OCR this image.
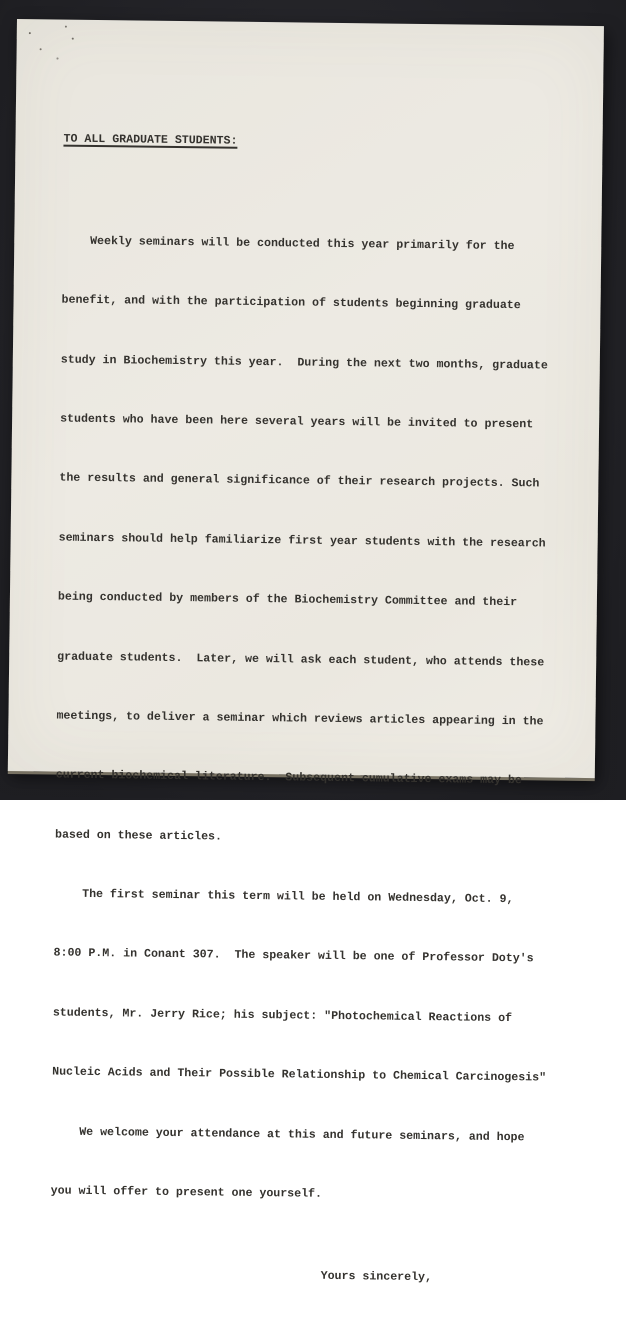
TO ALL GRADUATE STUDENTS:

Weekly seminars will be conducted this year primarily for the

benefit, and with the participation of students beginning graduate

study in Biochemistry this year.  During the next two months, graduate

students who have been here several years will be invited to present

the results and general significance of their research projects. Such

seminars should help familiarize first year students with the research

being conducted by members of the Biochemistry Committee and their

graduate students.  Later, we will ask each student, who attends these

meetings, to deliver a seminar which reviews articles appearing in the

current biochemical literature.  Subsequent cumulative exams may be

based on these articles.

The first seminar this term will be held on Wednesday, Oct. 9,

8:00 P.M. in Conant 307.  The speaker will be one of Professor Doty's

students, Mr. Jerry Rice; his subject: "Photochemical Reactions of

Nucleic Acids and Their Possible Relationship to Chemical Carcinogesis"

We welcome your attendance at this and future seminars, and hope

you will offer to present one yourself.

Yours sincerely,
